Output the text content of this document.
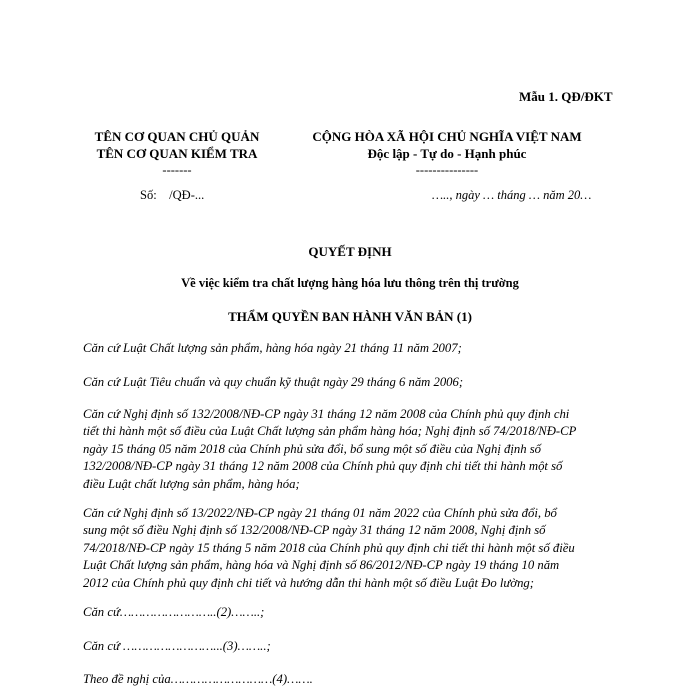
Mẫu 1. QĐ/ĐKT
TÊN CƠ QUAN CHỦ QUẢN
TÊN CƠ QUAN KIỂM TRA
-------
Số:    /QĐ-...
CỘNG HÒA XÃ HỘI CHỦ NGHĨA VIỆT NAM
Độc lập - Tự do - Hạnh phúc
---------------
….., ngày … tháng … năm 20…
QUYẾT ĐỊNH
Về việc kiểm tra chất lượng hàng hóa lưu thông trên thị trường
THẨM QUYỀN BAN HÀNH VĂN BẢN (1)
Căn cứ Luật Chất lượng sản phẩm, hàng hóa ngày 21 tháng 11 năm 2007;
Căn cứ Luật Tiêu chuẩn và quy chuẩn kỹ thuật ngày 29 tháng 6 năm 2006;
Căn cứ Nghị định số 132/2008/NĐ-CP ngày 31 tháng 12 năm 2008 của Chính phủ quy định chi
tiết thi hành một số điều của Luật Chất lượng sản phẩm hàng hóa; Nghị định số 74/2018/NĐ-CP
ngày 15 tháng 05 năm 2018 của Chính phủ sửa đổi, bổ sung một số điều của Nghị định số
132/2008/NĐ-CP ngày 31 tháng 12 năm 2008 của Chính phủ quy định chi tiết thi hành một số
điều Luật chất lượng sản phẩm, hàng hóa;
Căn cứ Nghị định số 13/2022/NĐ-CP ngày 21 tháng 01 năm 2022 của Chính phủ sửa đổi, bổ
sung một số điều Nghị định số 132/2008/NĐ-CP ngày 31 tháng 12 năm 2008, Nghị định số
74/2018/NĐ-CP ngày 15 tháng 5 năm 2018 của Chính phủ quy định chi tiết thi hành một số điều
Luật Chất lượng sản phẩm, hàng hóa và Nghị định số 86/2012/NĐ-CP ngày 19 tháng 10 năm
2012 của Chính phủ quy định chi tiết và hướng dẫn thi hành một số điều Luật Đo lường;
Căn cứ……………………..(2)……..;
Căn cứ ……………………...(3)……..;
Theo đề nghị của………………………(4)…….
